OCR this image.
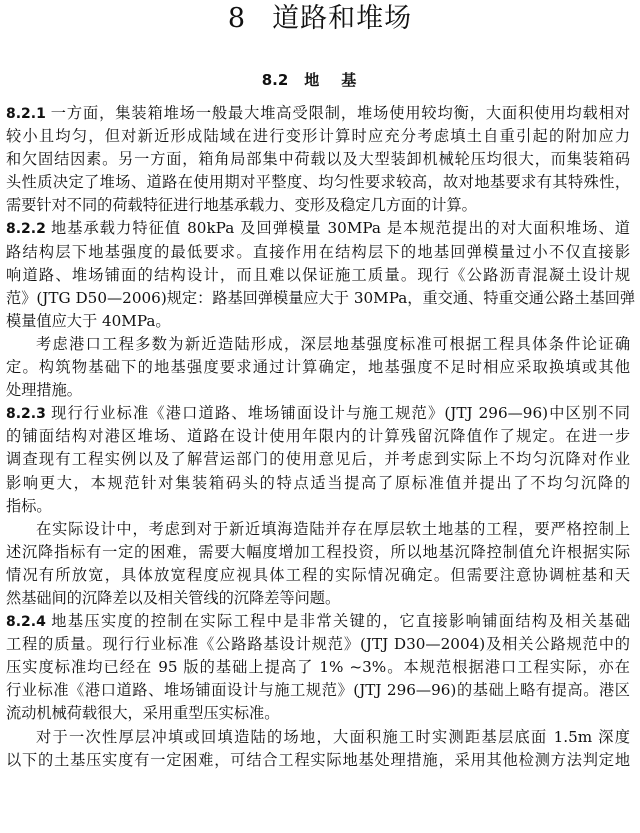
8 道路和堆场
8.2 地基
8.2.1 一方面，集装箱堆场一般最大堆高受限制，堆场使用较均衡，大面积使用均载相对
较小且均匀，但对新近形成陆域在进行变形计算时应充分考虑填土自重引起的附加应力
和欠固结因素。另一方面，箱角局部集中荷载以及大型装卸机械轮压均很大，而集装箱码
头性质决定了堆场、道路在使用期对平整度、均匀性要求较高，故对地基要求有其特殊性，
需要针对不同的荷载特征进行地基承载力、变形及稳定几方面的计算。
8.2.2 地基承载力特征值 80kPa 及回弹模量 30MPa 是本规范提出的对大面积堆场、道
路结构层下地基强度的最低要求。直接作用在结构层下的地基回弹模量过小不仅直接影
响道路、堆场铺面的结构设计，而且难以保证施工质量。现行《公路沥青混凝土设计规
范》(JTG D50—2006)规定：路基回弹模量应大于 30MPa，重交通、特重交通公路土基回弹
模量值应大于 40MPa。
考虑港口工程多数为新近造陆形成，深层地基强度标准可根据工程具体条件论证确
定。构筑物基础下的地基强度要求通过计算确定，地基强度不足时相应采取换填或其他
处理措施。
8.2.3 现行行业标准《港口道路、堆场铺面设计与施工规范》(JTJ 296—96)中区别不同
的铺面结构对港区堆场、道路在设计使用年限内的计算残留沉降值作了规定。在进一步
调查现有工程实例以及了解营运部门的使用意见后，并考虑到实际上不均匀沉降对作业
影响更大，本规范针对集装箱码头的特点适当提高了原标准值并提出了不均匀沉降的
指标。
在实际设计中，考虑到对于新近填海造陆并存在厚层软土地基的工程，要严格控制上
述沉降指标有一定的困难，需要大幅度增加工程投资，所以地基沉降控制值允许根据实际
情况有所放宽，具体放宽程度应视具体工程的实际情况确定。但需要注意协调桩基和天
然基础间的沉降差以及相关管线的沉降差等问题。
8.2.4 地基压实度的控制在实际工程中是非常关键的，它直接影响铺面结构及相关基础
工程的质量。现行行业标准《公路路基设计规范》(JTJ D30—2004)及相关公路规范中的
压实度标准均已经在 95 版的基础上提高了 1% ~3%。本规范根据港口工程实际，亦在
行业标准《港口道路、堆场铺面设计与施工规范》(JTJ 296—96)的基础上略有提高。港区
流动机械荷载很大，采用重型压实标准。
对于一次性厚层冲填或回填造陆的场地，大面积施工时实测距基层底面 1.5m 深度
以下的土基压实度有一定困难，可结合工程实际地基处理措施，采用其他检测方法判定地
